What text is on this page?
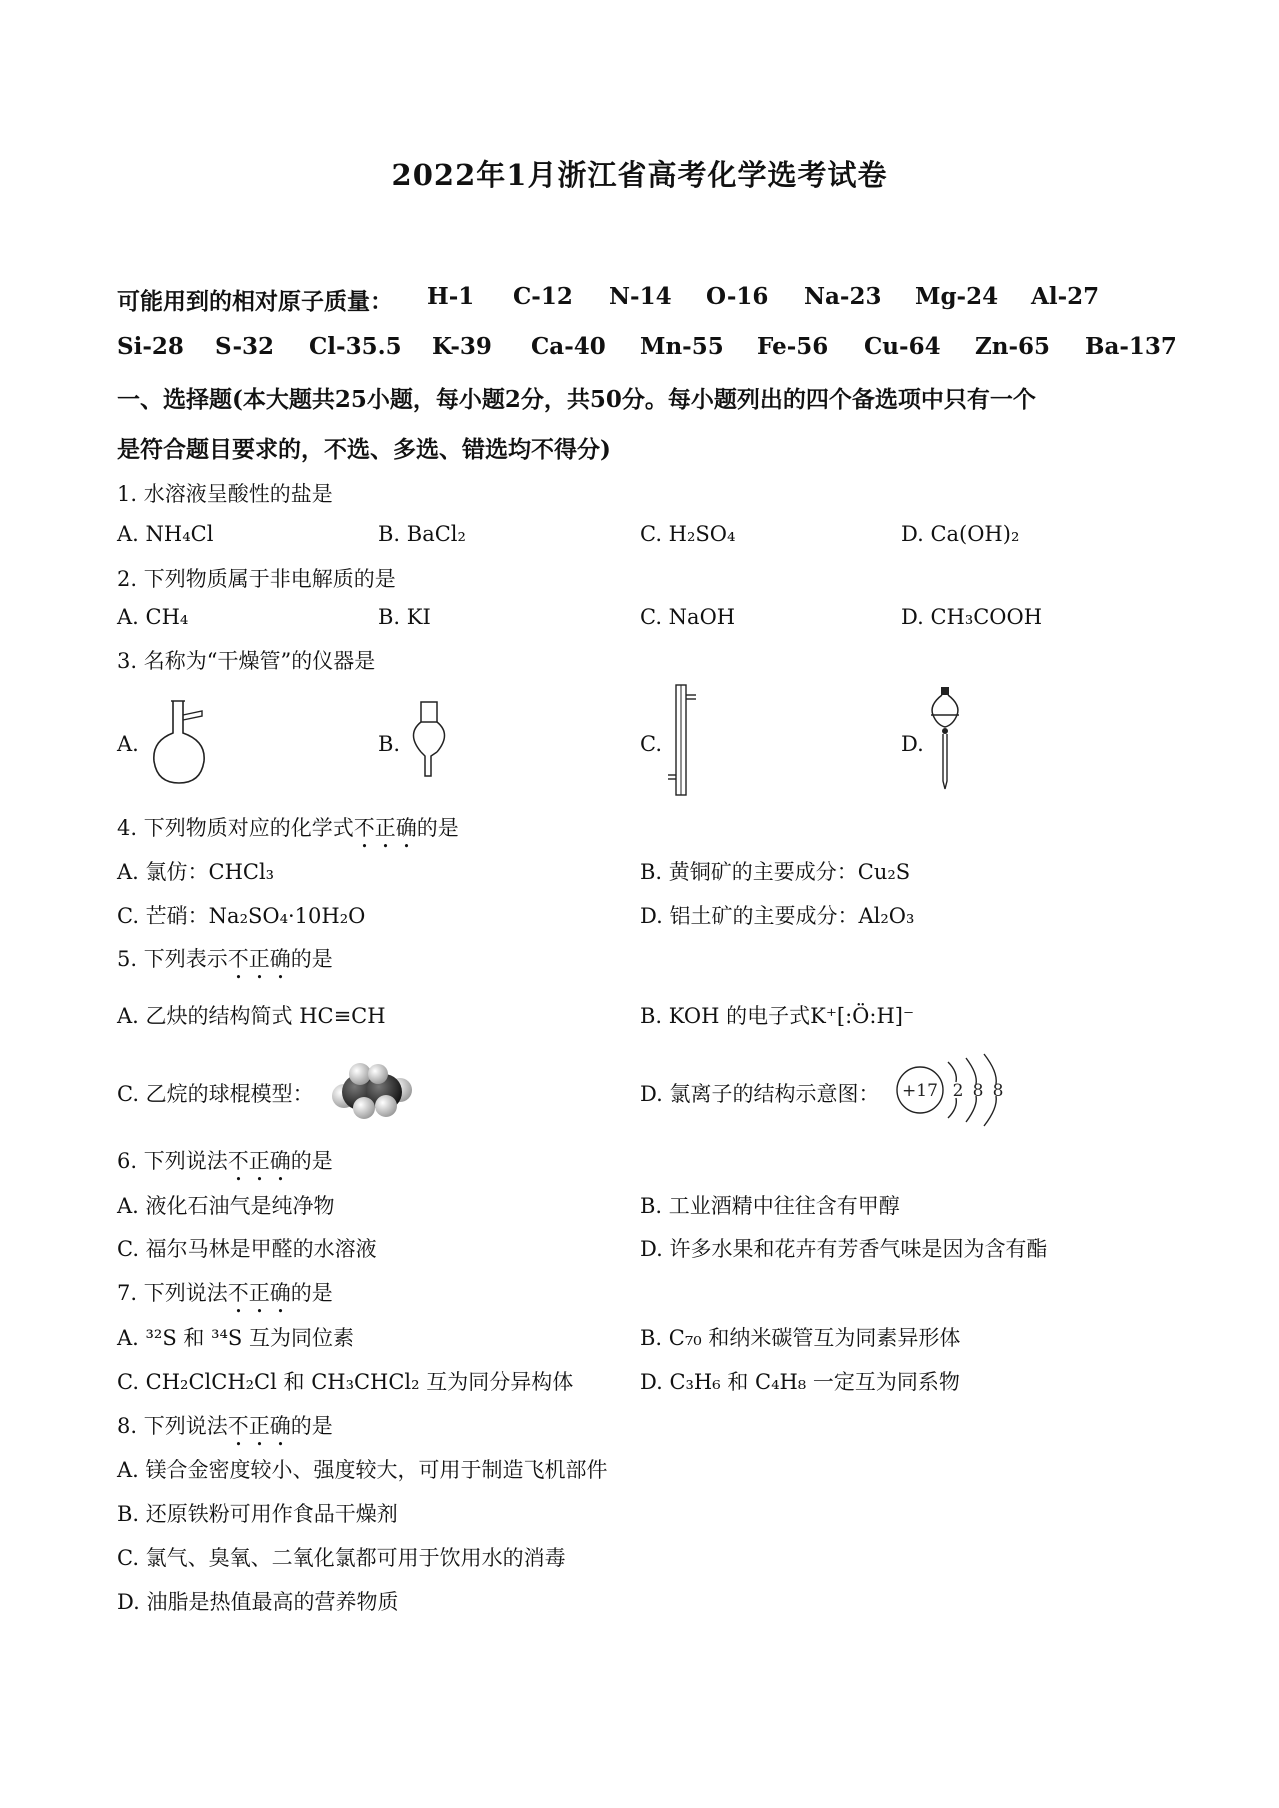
2022年1月浙江省高考化学选考试卷
可能用到的相对原子质量： H-1 C-12 N-14 O-16 Na-23 Mg-24 Al-27
Si-28 S-32 Cl-35.5 K-39 Ca-40 Mn-55 Fe-56 Cu-64 Zn-65 Ba-137
一、选择题(本大题共25小题，每小题2分，共50分。每小题列出的四个备选项中只有一个
是符合题目要求的，不选、多选、错选均不得分)
1. 水溶液呈酸性的盐是
A. NH₄Cl	B. BaCl₂	C. H₂SO₄	D. Ca(OH)₂
2. 下列物质属于非电解质的是
A. CH₄	B. KI	C. NaOH	D. CH₃COOH
3. 名称为“干燥管”的仪器是
A.	B.	C.	D.
4. 下列物质对应的化学式不正确的是
A. 氯仿：CHCl₃	B. 黄铜矿的主要成分：Cu₂S
C. 芒硝：Na₂SO₄·10H₂O	D. 铝土矿的主要成分：Al₂O₃
5. 下列表示不正确的是
A. 乙炔的结构简式 HC≡CH	B. KOH 的电子式K⁺[:Ö:H]⁻
C. 乙烷的球棍模型：	D. 氯离子的结构示意图： +17 2 8 8
6. 下列说法不正确的是
A. 液化石油气是纯净物	B. 工业酒精中往往含有甲醇
C. 福尔马林是甲醛的水溶液	D. 许多水果和花卉有芳香气味是因为含有酯
7. 下列说法不正确的是
A. ³²S 和 ³⁴S 互为同位素	B. C₇₀ 和纳米碳管互为同素异形体
C. CH₂ClCH₂Cl 和 CH₃CHCl₂ 互为同分异构体	D. C₃H₆ 和 C₄H₈ 一定互为同系物
8. 下列说法不正确的是
A. 镁合金密度较小、强度较大，可用于制造飞机部件
B. 还原铁粉可用作食品干燥剂
C. 氯气、臭氧、二氧化氯都可用于饮用水的消毒
D. 油脂是热值最高的营养物质
